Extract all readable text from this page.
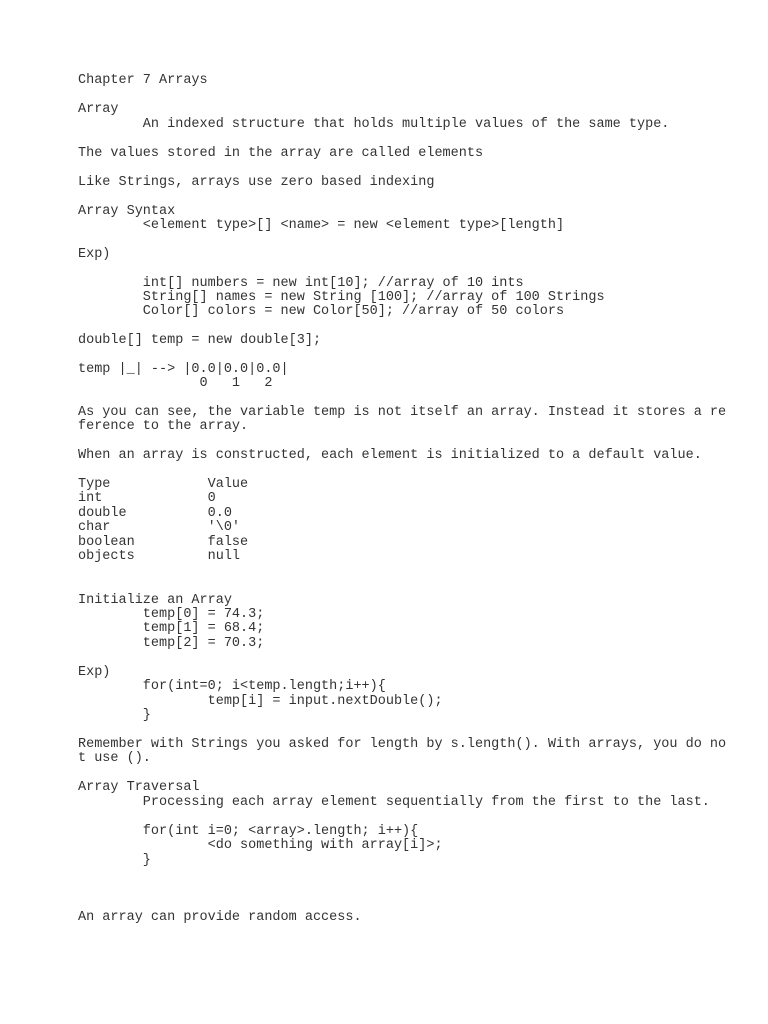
Chapter 7 Arrays
Array
An indexed structure that holds multiple values of the same type.
The values stored in the array are called elements
Like Strings, arrays use zero based indexing
Array Syntax
<element type>[] <name> = new <element type>[length]
Exp)
int[] numbers = new int[10]; //array of 10 ints
String[] names = new String [100]; //array of 100 Strings
Color[] colors = new Color[50]; //array of 50 colors
double[] temp = new double[3];
temp |_| --> |0.0|0.0|0.0|
0   1   2
As you can see, the variable temp is not itself an array. Instead it stores a re
ference to the array.
When an array is constructed, each element is initialized to a default value.
Type            Value
int             0
double          0.0
char            '\0'
boolean         false
objects         null
Initialize an Array
temp[0] = 74.3;
temp[1] = 68.4;
temp[2] = 70.3;
Exp)
for(int=0; i<temp.length;i++){
temp[i] = input.nextDouble();
}
Remember with Strings you asked for length by s.length(). With arrays, you do no
t use ().
Array Traversal
Processing each array element sequentially from the first to the last.
for(int i=0; <array>.length; i++){
<do something with array[i]>;
}
An array can provide random access.
